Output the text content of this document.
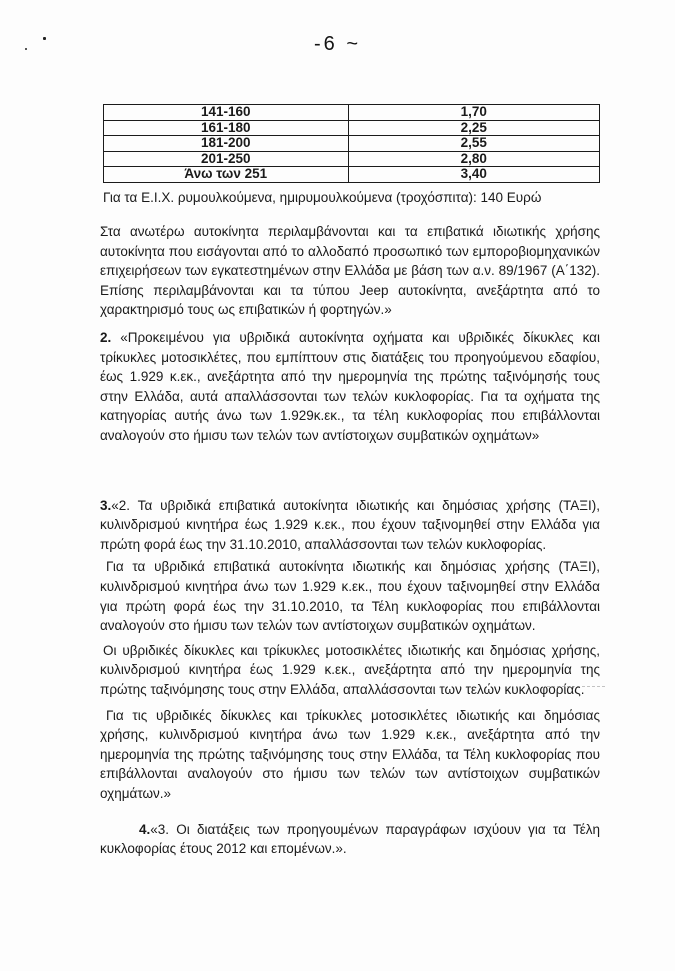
-6 ~
141-160	1,70
161-180	2,25
181-200	2,55
201-250	2,80
Άνω των 251	3,40

Για τα Ε.Ι.Χ. ρυμουλκούμενα, ημιρυμουλκούμενα (τροχόσπιτα): 140 Ευρώ

Στα ανωτέρω αυτοκίνητα περιλαμβάνονται και τα επιβατικά ιδιωτικής χρήσης αυτοκίνητα που εισάγονται από το αλλοδαπό προσωπικό των εμποροβιομηχανικών επιχειρήσεων των εγκατεστημένων στην Ελλάδα με βάση των α.ν. 89/1967 (Α΄132). Επίσης περιλαμβάνονται και τα τύπου Jeep αυτοκίνητα, ανεξάρτητα από το χαρακτηρισμό τους ως επιβατικών ή φορτηγών.»

2. «Προκειμένου για υβριδικά αυτοκίνητα οχήματα και υβριδικές δίκυκλες και τρίκυκλες μοτοσικλέτες, που εμπίπτουν στις διατάξεις του προηγούμενου εδαφίου, έως 1.929 κ.εκ., ανεξάρτητα από την ημερομηνία της πρώτης ταξινόμησής τους στην Ελλάδα, αυτά απαλλάσσονται των τελών κυκλοφορίας. Για τα οχήματα της κατηγορίας αυτής άνω των 1.929κ.εκ., τα τέλη κυκλοφορίας που επιβάλλονται αναλογούν στο ήμισυ των τελών των αντίστοιχων συμβατικών οχημάτων»

3.«2. Τα υβριδικά επιβατικά αυτοκίνητα ιδιωτικής και δημόσιας χρήσης (ΤΑΞΙ), κυλινδρισμού κινητήρα έως 1.929 κ.εκ., που έχουν ταξινομηθεί στην Ελλάδα για πρώτη φορά έως την 31.10.2010, απαλλάσσονται των τελών κυκλοφορίας.

Για τα υβριδικά επιβατικά αυτοκίνητα ιδιωτικής και δημόσιας χρήσης (ΤΑΞΙ), κυλινδρισμού κινητήρα άνω των 1.929 κ.εκ., που έχουν ταξινομηθεί στην Ελλάδα για πρώτη φορά έως την 31.10.2010, τα Τέλη κυκλοφορίας που επιβάλλονται αναλογούν στο ήμισυ των τελών των αντίστοιχων συμβατικών οχημάτων.

Οι υβριδικές δίκυκλες και τρίκυκλες μοτοσικλέτες ιδιωτικής και δημόσιας χρήσης, κυλινδρισμού κινητήρα έως 1.929 κ.εκ., ανεξάρτητα από την ημερομηνία της πρώτης ταξινόμησης τους στην Ελλάδα, απαλλάσσονται των τελών κυκλοφορίας.

Για τις υβριδικές δίκυκλες και τρίκυκλες μοτοσικλέτες ιδιωτικής και δημόσιας χρήσης, κυλινδρισμού κινητήρα άνω των 1.929 κ.εκ., ανεξάρτητα από την ημερομηνία της πρώτης ταξινόμησης τους στην Ελλάδα, τα Τέλη κυκλοφορίας που επιβάλλονται αναλογούν στο ήμισυ των τελών των αντίστοιχων συμβατικών οχημάτων.»

4.«3. Οι διατάξεις των προηγουμένων παραγράφων ισχύουν για τα Τέλη κυκλοφορίας έτους 2012 και επομένων.».
